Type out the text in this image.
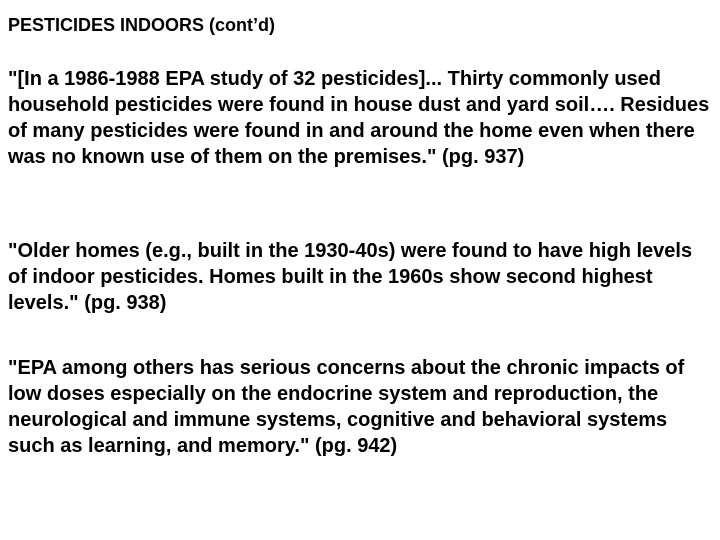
PESTICIDES INDOORS (cont’d)

"[In a 1986-1988 EPA study of 32 pesticides]... Thirty commonly used household pesticides were found in house dust and yard soil…. Residues of many pesticides were found in and around the home even when there was no known use of them on the premises." (pg. 937)

"Older homes (e.g., built in the 1930-40s) were found to have high levels of indoor pesticides. Homes built in the 1960s show second highest levels." (pg. 938)

"EPA among others has serious concerns about the chronic impacts of low doses especially on the endocrine system and reproduction, the neurological and immune systems, cognitive and behavioral systems such as learning, and memory." (pg. 942)
